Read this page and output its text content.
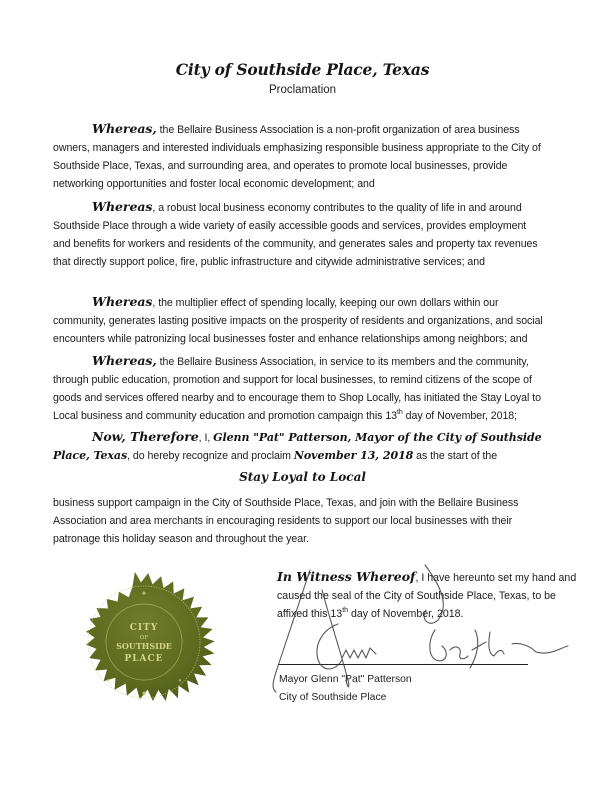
City of Southside Place, Texas
Proclamation

Whereas, the Bellaire Business Association is a non-profit organization of area business owners, managers and interested individuals emphasizing responsible business appropriate to the City of Southside Place, Texas, and surrounding area, and operates to promote local businesses, provide networking opportunities and foster local economic development; and

Whereas, a robust local business economy contributes to the quality of life in and around Southside Place through a wide variety of easily accessible goods and services, provides employment and benefits for workers and residents of the community, and generates sales and property tax revenues that directly support police, fire, public infrastructure and citywide administrative services; and

Whereas, the multiplier effect of spending locally, keeping our own dollars within our community, generates lasting positive impacts on the prosperity of residents and organizations, and social encounters while patronizing local businesses foster and enhance relationships among neighbors; and

Whereas, the Bellaire Business Association, in service to its members and the community, through public education, promotion and support for local businesses, to remind citizens of the scope of goods and services offered nearby and to encourage them to Shop Locally, has initiated the Stay Loyal to Local business and community education and promotion campaign this 13th day of November, 2018;

Now, Therefore, I, Glenn "Pat" Patterson, Mayor of the City of Southside Place, Texas, do hereby recognize and proclaim November 13, 2018 as the start of the

Stay Loyal to Local

business support campaign in the City of Southside Place, Texas, and join with the Bellaire Business Association and area merchants in encouraging residents to support our local businesses with their patronage this holiday season and throughout the year.

CITY
OF
SOUTHSIDE
PLACE
✦
♦
♦	♦

In Witness Whereof, I have hereunto set my hand and caused the seal of the City of Southside Place, Texas, to be affixed this 13th day of November, 2018.

Mayor Glenn "Pat" Patterson
City of Southside Place
